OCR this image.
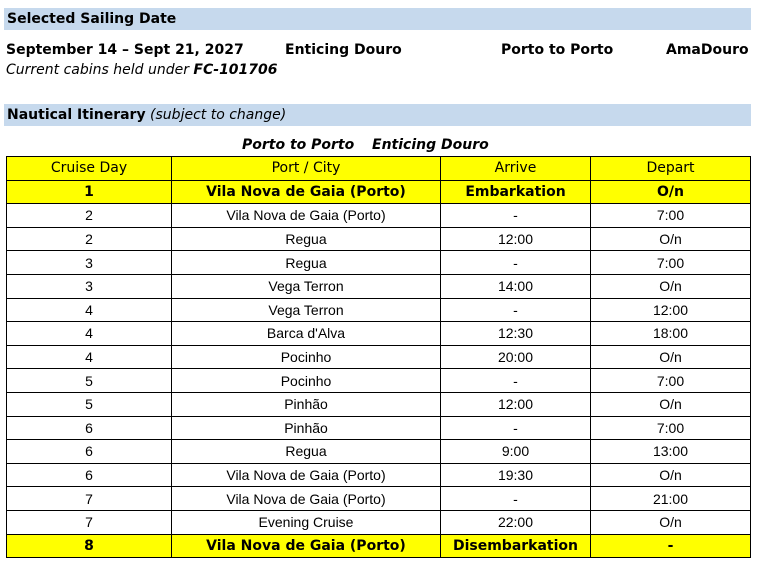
Selected Sailing Date
September 14 – Sept 21, 2027	Enticing Douro	Porto to Porto	AmaDouro
Current cabins held under FC-101706
Nautical Itinerary (subject to change)
Porto to Porto Enticing Douro
Cruise Day	Port / City	Arrive	Depart
1	Vila Nova de Gaia (Porto)	Embarkation	O/n
2	Vila Nova de Gaia (Porto)	-	7:00
2	Regua	12:00	O/n
3	Regua	-	7:00
3	Vega Terron	14:00	O/n
4	Vega Terron	-	12:00
4	Barca d'Alva	12:30	18:00
4	Pocinho	20:00	O/n
5	Pocinho	-	7:00
5	Pinhão	12:00	O/n
6	Pinhão	-	7:00
6	Regua	9:00	13:00
6	Vila Nova de Gaia (Porto)	19:30	O/n
7	Vila Nova de Gaia (Porto)	-	21:00
7	Evening Cruise	22:00	O/n
8	Vila Nova de Gaia (Porto)	Disembarkation	-
